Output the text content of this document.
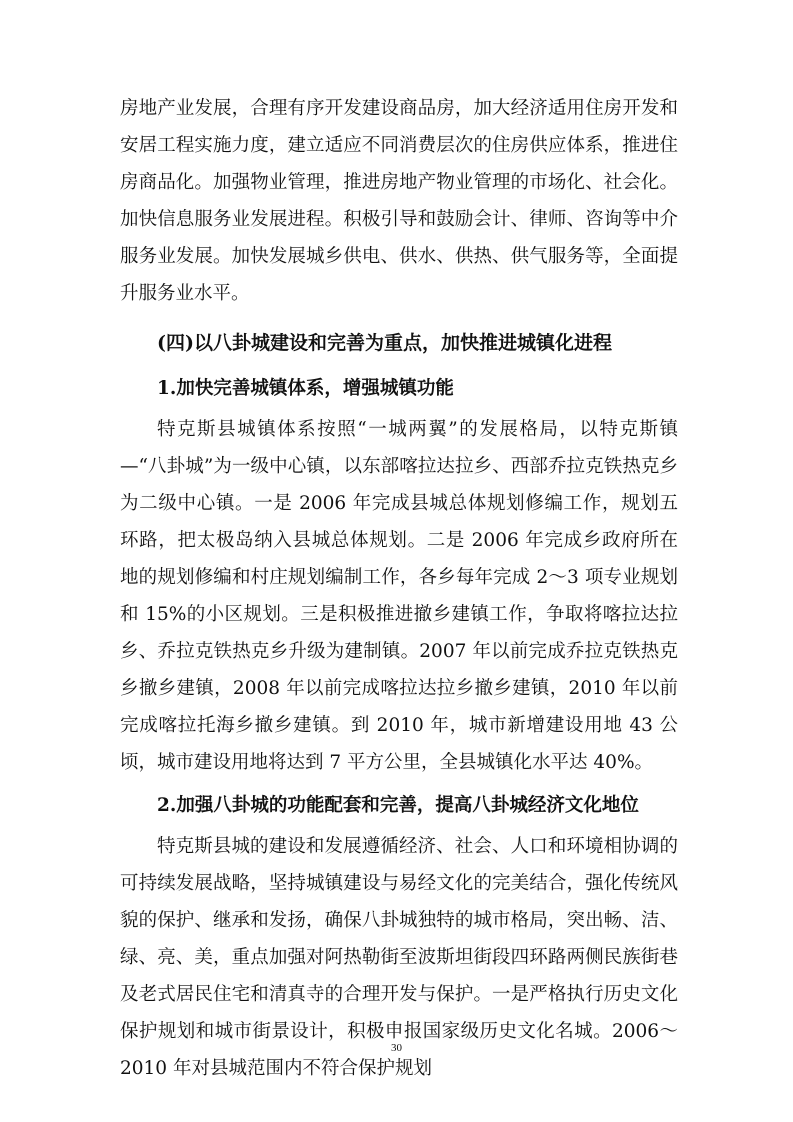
房地产业发展，合理有序开发建设商品房，加大经济适用住房开发和安居工程实施力度，建立适应不同消费层次的住房供应体系，推进住房商品化。加强物业管理，推进房地产物业管理的市场化、社会化。加快信息服务业发展进程。积极引导和鼓励会计、律师、咨询等中介服务业发展。加快发展城乡供电、供水、供热、供气服务等，全面提升服务业水平。

(四)以八卦城建设和完善为重点，加快推进城镇化进程
1.加快完善城镇体系，增强城镇功能

特克斯县城镇体系按照“一城两翼”的发展格局，以特克斯镇—“八卦城”为一级中心镇，以东部喀拉达拉乡、西部乔拉克铁热克乡为二级中心镇。一是 2006 年完成县城总体规划修编工作，规划五环路，把太极岛纳入县城总体规划。二是 2006 年完成乡政府所在地的规划修编和村庄规划编制工作，各乡每年完成 2～3 项专业规划和 15%的小区规划。三是积极推进撤乡建镇工作，争取将喀拉达拉乡、乔拉克铁热克乡升级为建制镇。2007 年以前完成乔拉克铁热克乡撤乡建镇，2008 年以前完成喀拉达拉乡撤乡建镇，2010 年以前完成喀拉托海乡撤乡建镇。到 2010 年，城市新增建设用地 43 公顷，城市建设用地将达到 7 平方公里，全县城镇化水平达 40%。

2.加强八卦城的功能配套和完善，提高八卦城经济文化地位

特克斯县城的建设和发展遵循经济、社会、人口和环境相协调的可持续发展战略，坚持城镇建设与易经文化的完美结合，强化传统风貌的保护、继承和发扬，确保八卦城独特的城市格局，突出畅、洁、绿、亮、美，重点加强对阿热勒街至波斯坦街段四环路两侧民族街巷及老式居民住宅和清真寺的合理开发与保护。一是严格执行历史文化保护规划和城市街景设计，积极申报国家级历史文化名城。2006～2010 年对县城范围内不符合保护规划

30
